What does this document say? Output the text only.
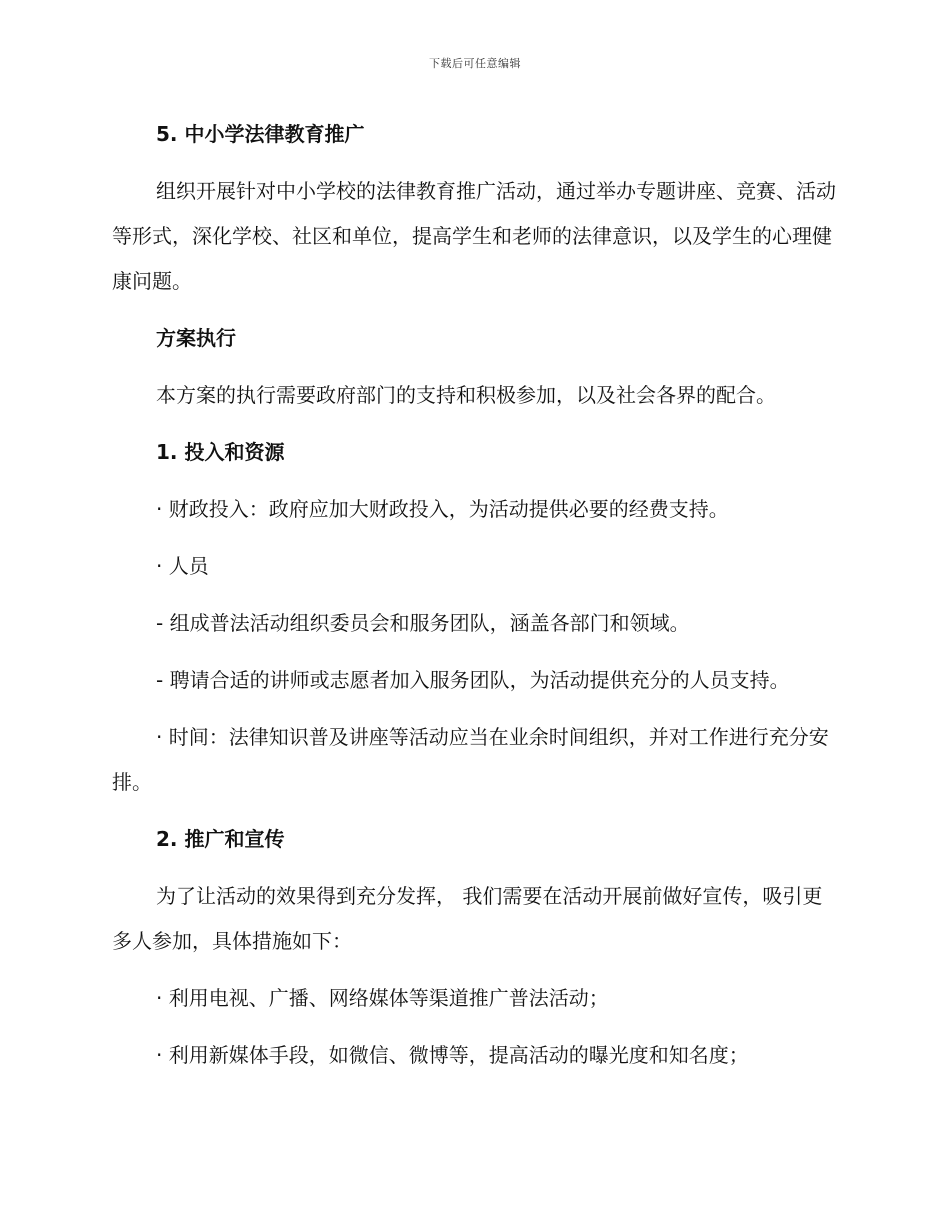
下载后可任意编辑

5. 中小学法律教育推广

组织开展针对中小学校的法律教育推广活动，通过举办专题讲座、竞赛、活动等形式，深化学校、社区和单位，提高学生和老师的法律意识，以及学生的心理健康问题。

方案执行

本方案的执行需要政府部门的支持和积极参加，以及社会各界的配合。

1. 投入和资源

· 财政投入：政府应加大财政投入，为活动提供必要的经费支持。

· 人员

- 组成普法活动组织委员会和服务团队，涵盖各部门和领域。

- 聘请合适的讲师或志愿者加入服务团队，为活动提供充分的人员支持。

· 时间：法律知识普及讲座等活动应当在业余时间组织，并对工作进行充分安排。

2. 推广和宣传

为了让活动的效果得到充分发挥， 我们需要在活动开展前做好宣传，吸引更多人参加，具体措施如下：

· 利用电视、广播、网络媒体等渠道推广普法活动；

· 利用新媒体手段，如微信、微博等，提高活动的曝光度和知名度；
